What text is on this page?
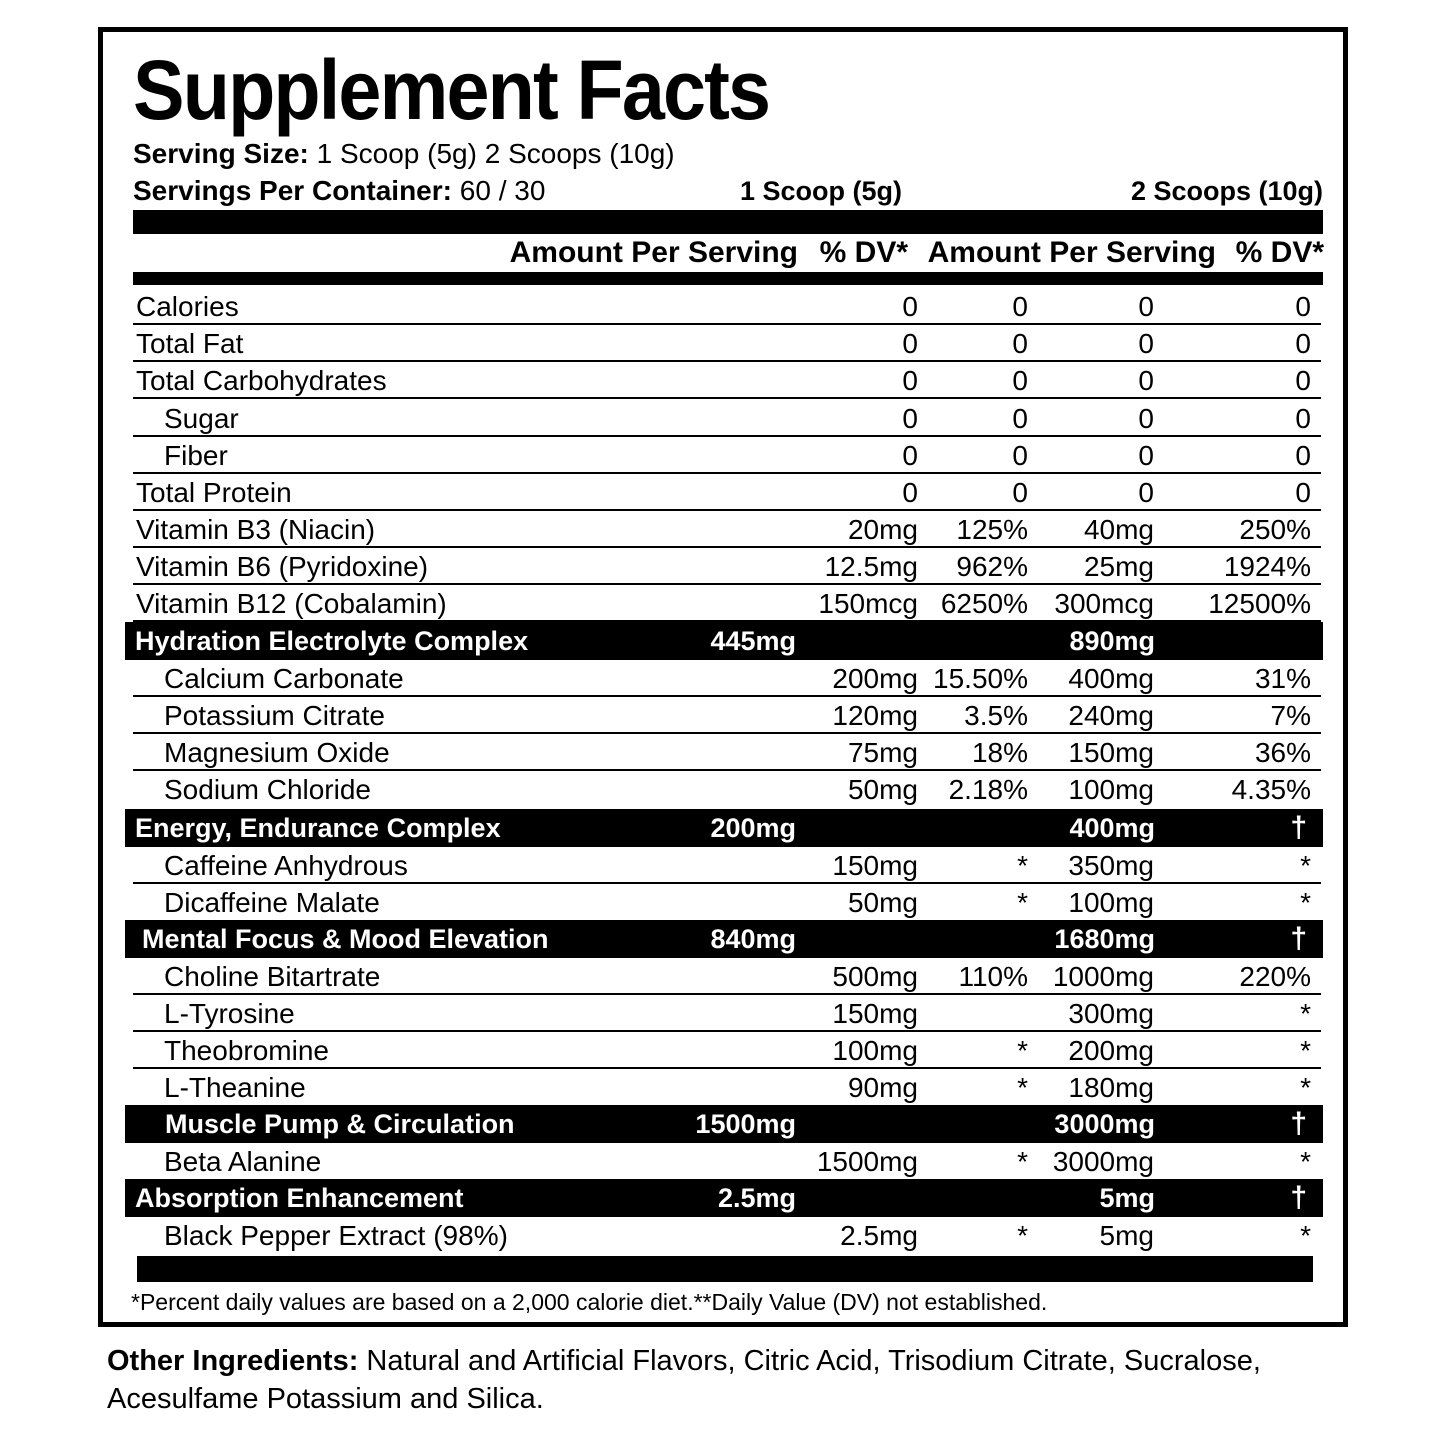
Supplement Facts
Serving Size: 1 Scoop (5g) 2 Scoops (10g)
Servings Per Container: 60 / 30	1 Scoop (5g)	2 Scoops (10g)
Amount Per Serving % DV* Amount Per Serving % DV*
Calories	0	0	0	0
Total Fat	0	0	0	0
Total Carbohydrates	0	0	0	0
Sugar	0	0	0	0
Fiber	0	0	0	0
Total Protein	0	0	0	0
Vitamin B3 (Niacin)	20mg 125% 40mg	250%
Vitamin B6 (Pyridoxine)	12.5mg 962% 25mg 1924%
Vitamin B12 (Cobalamin)	150mcg 6250% 300mcg 12500%
Hydration Electrolyte Complex	445mg	890mg
Calcium Carbonate	200mg 15.50% 400mg	31%
Potassium Citrate	120mg 3.5% 240mg	7%
Magnesium Oxide	75mg 18% 150mg	36%
Sodium Chloride	50mg 2.18% 100mg	4.35%
Energy, Endurance Complex	200mg	400mg	†
Caffeine Anhydrous	150mg	* 350mg	*
Dicaffeine Malate	50mg	* 100mg	*
Mental Focus & Mood Elevation	840mg	1680mg	†
Choline Bitartrate	500mg 110% 1000mg	220%
L-Tyrosine	150mg	300mg	*
Theobromine	100mg	* 200mg	*
L-Theanine	90mg	* 180mg	*
Muscle Pump & Circulation	1500mg	3000mg	†
Beta Alanine	1500mg	* 3000mg	*
Absorption Enhancement	2.5mg	5mg	†
Black Pepper Extract (98%)	2.5mg	*	5mg	*
*Percent daily values are based on a 2,000 calorie diet.**Daily Value (DV) not established.
Other Ingredients: Natural and Artificial Flavors, Citric Acid, Trisodium Citrate, Sucralose, Acesulfame Potassium and Silica.
